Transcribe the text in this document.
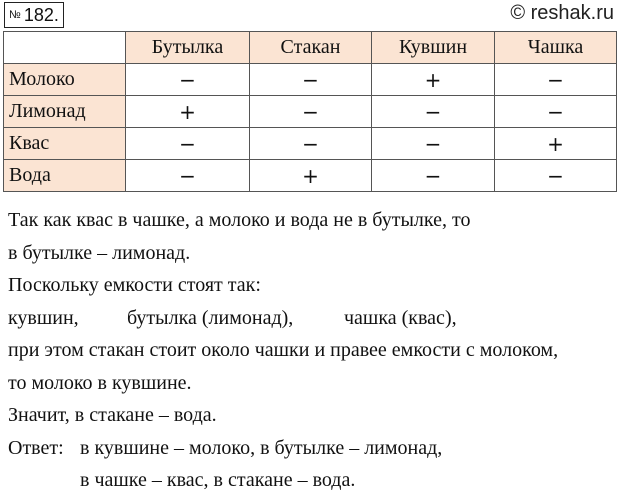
№ 182.	© reshak.ru
	Бутылка	Стакан	Кувшин	Чашка
Молоко	−	−	+	−
Лимонад	+	−	−	−
Квас	−	−	−	+
Вода	−	+	−	−
Так как квас в чашке, а молоко и вода не в бутылке, то
в бутылке – лимонад.
Поскольку емкости стоят так:
кувшин, бутылка (лимонад),	чашка (квас),
при этом стакан стоит около чашки и правее емкости с молоком,
то молоко в кувшине.
Значит, в стакане – вода.
Ответ: в кувшине – молоко, в бутылке – лимонад,
в чашке – квас, в стакане – вода.
